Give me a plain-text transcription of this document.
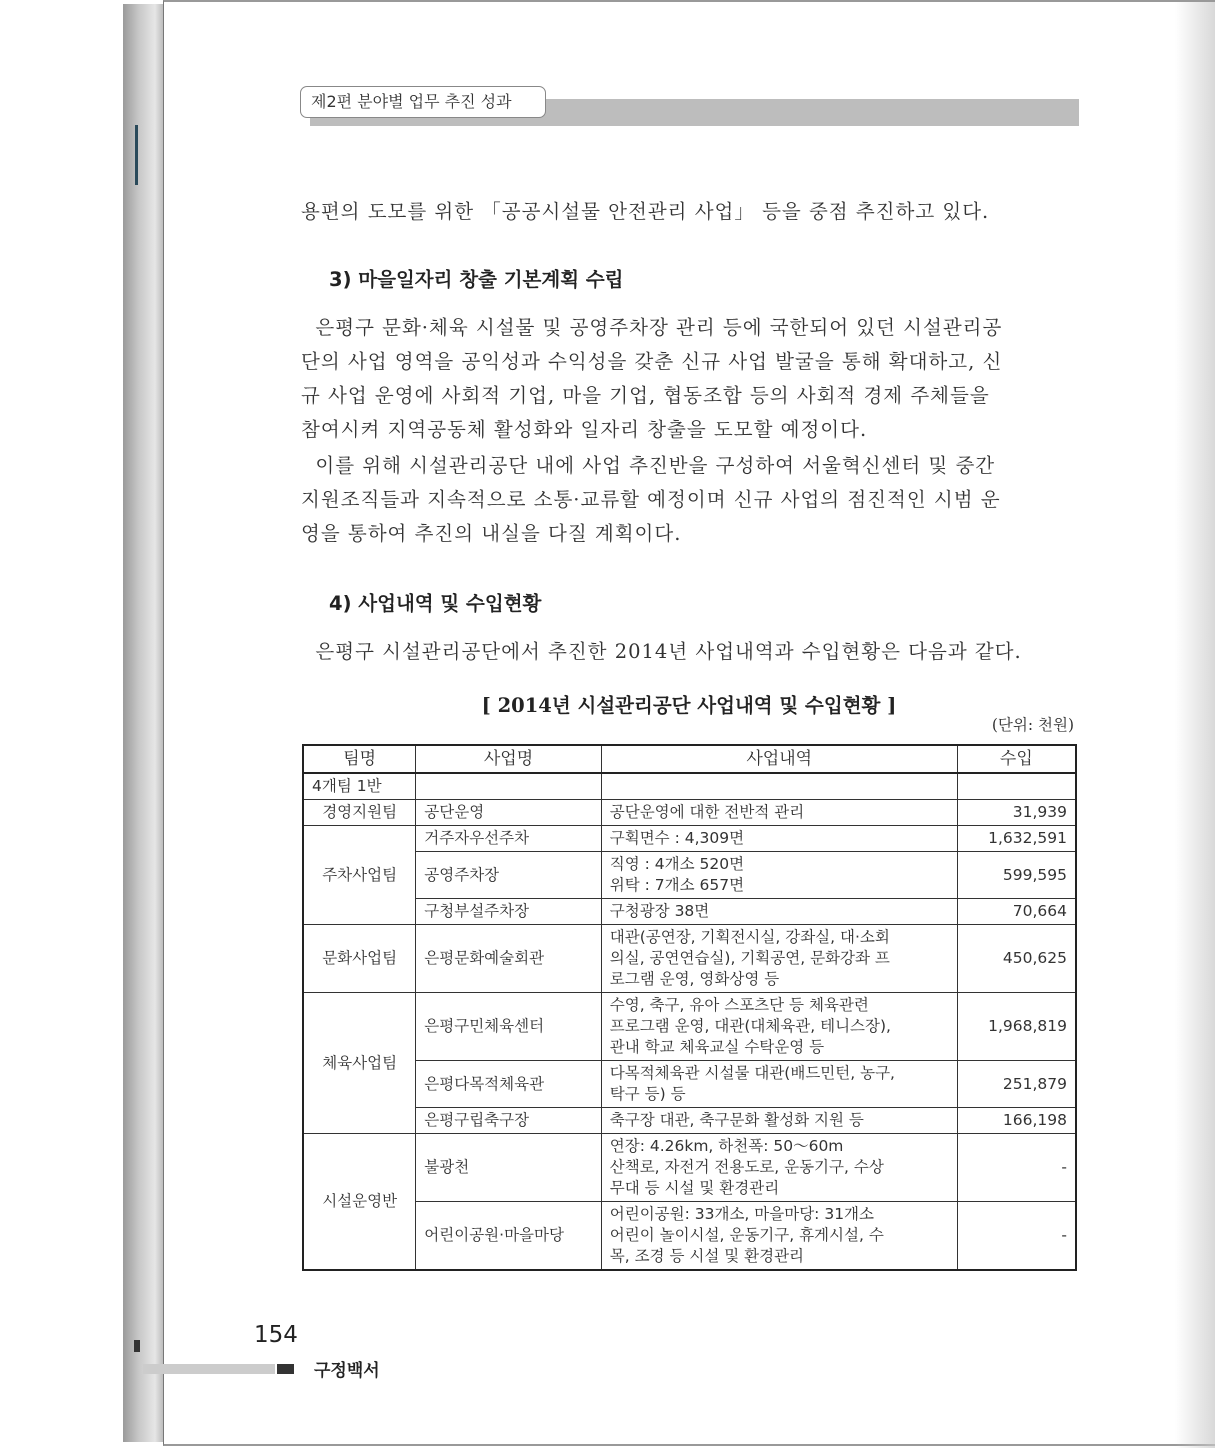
제2편 분야별 업무 추진 성과
용편의 도모를 위한 「공공시설물 안전관리 사업」 등을 중점 추진하고 있다.
3) 마을일자리 창출 기본계획 수립
은평구 문화·체육 시설물 및 공영주차장 관리 등에 국한되어 있던 시설관리공
단의 사업 영역을 공익성과 수익성을 갖춘 신규 사업 발굴을 통해 확대하고, 신
규 사업 운영에 사회적 기업, 마을 기업, 협동조합 등의 사회적 경제 주체들을
참여시켜 지역공동체 활성화와 일자리 창출을 도모할 예정이다.
이를 위해 시설관리공단 내에 사업 추진반을 구성하여 서울혁신센터 및 중간
지원조직들과 지속적으로 소통·교류할 예정이며 신규 사업의 점진적인 시범 운
영을 통하여 추진의 내실을 다질 계획이다.
4) 사업내역 및 수입현황
은평구 시설관리공단에서 추진한 2014년 사업내역과 수입현황은 다음과 같다.
[ 2014년 시설관리공단 사업내역 및 수입현황 ]
(단위: 천원)
팀명	사업명	사업내역	수입
4개팀 1반			
경영지원팀	공단운영	공단운영에 대한 전반적 관리	31,939
주차사업팀	거주자우선주차	구획면수 : 4,309면	1,632,591
	공영주차장	직영 : 4개소 520면
위탁 : 7개소 657면	599,595
	구청부설주차장	구청광장 38면	70,664
문화사업팀	은평문화예술회관	대관(공연장, 기획전시실, 강좌실, 대·소회
의실, 공연연습실), 기획공연, 문화강좌 프
로그램 운영, 영화상영 등	450,625
체육사업팀	은평구민체육센터	수영, 축구, 유아 스포츠단 등 체육관련
프로그램 운영, 대관(대체육관, 테니스장),
관내 학교 체육교실 수탁운영 등	1,968,819
	은평다목적체육관	다목적체육관 시설물 대관(배드민턴, 농구,
탁구 등) 등	251,879
	은평구립축구장	축구장 대관, 축구문화 활성화 지원 등	166,198
시설운영반	불광천	연장: 4.26km, 하천폭: 50～60m
산책로, 자전거 전용도로, 운동기구, 수상
무대 등 시설 및 환경관리	-
	어린이공원·마을마당	어린이공원: 33개소, 마을마당: 31개소
어린이 놀이시설, 운동기구, 휴게시설, 수
목, 조경 등 시설 및 환경관리	-
154
구정백서
